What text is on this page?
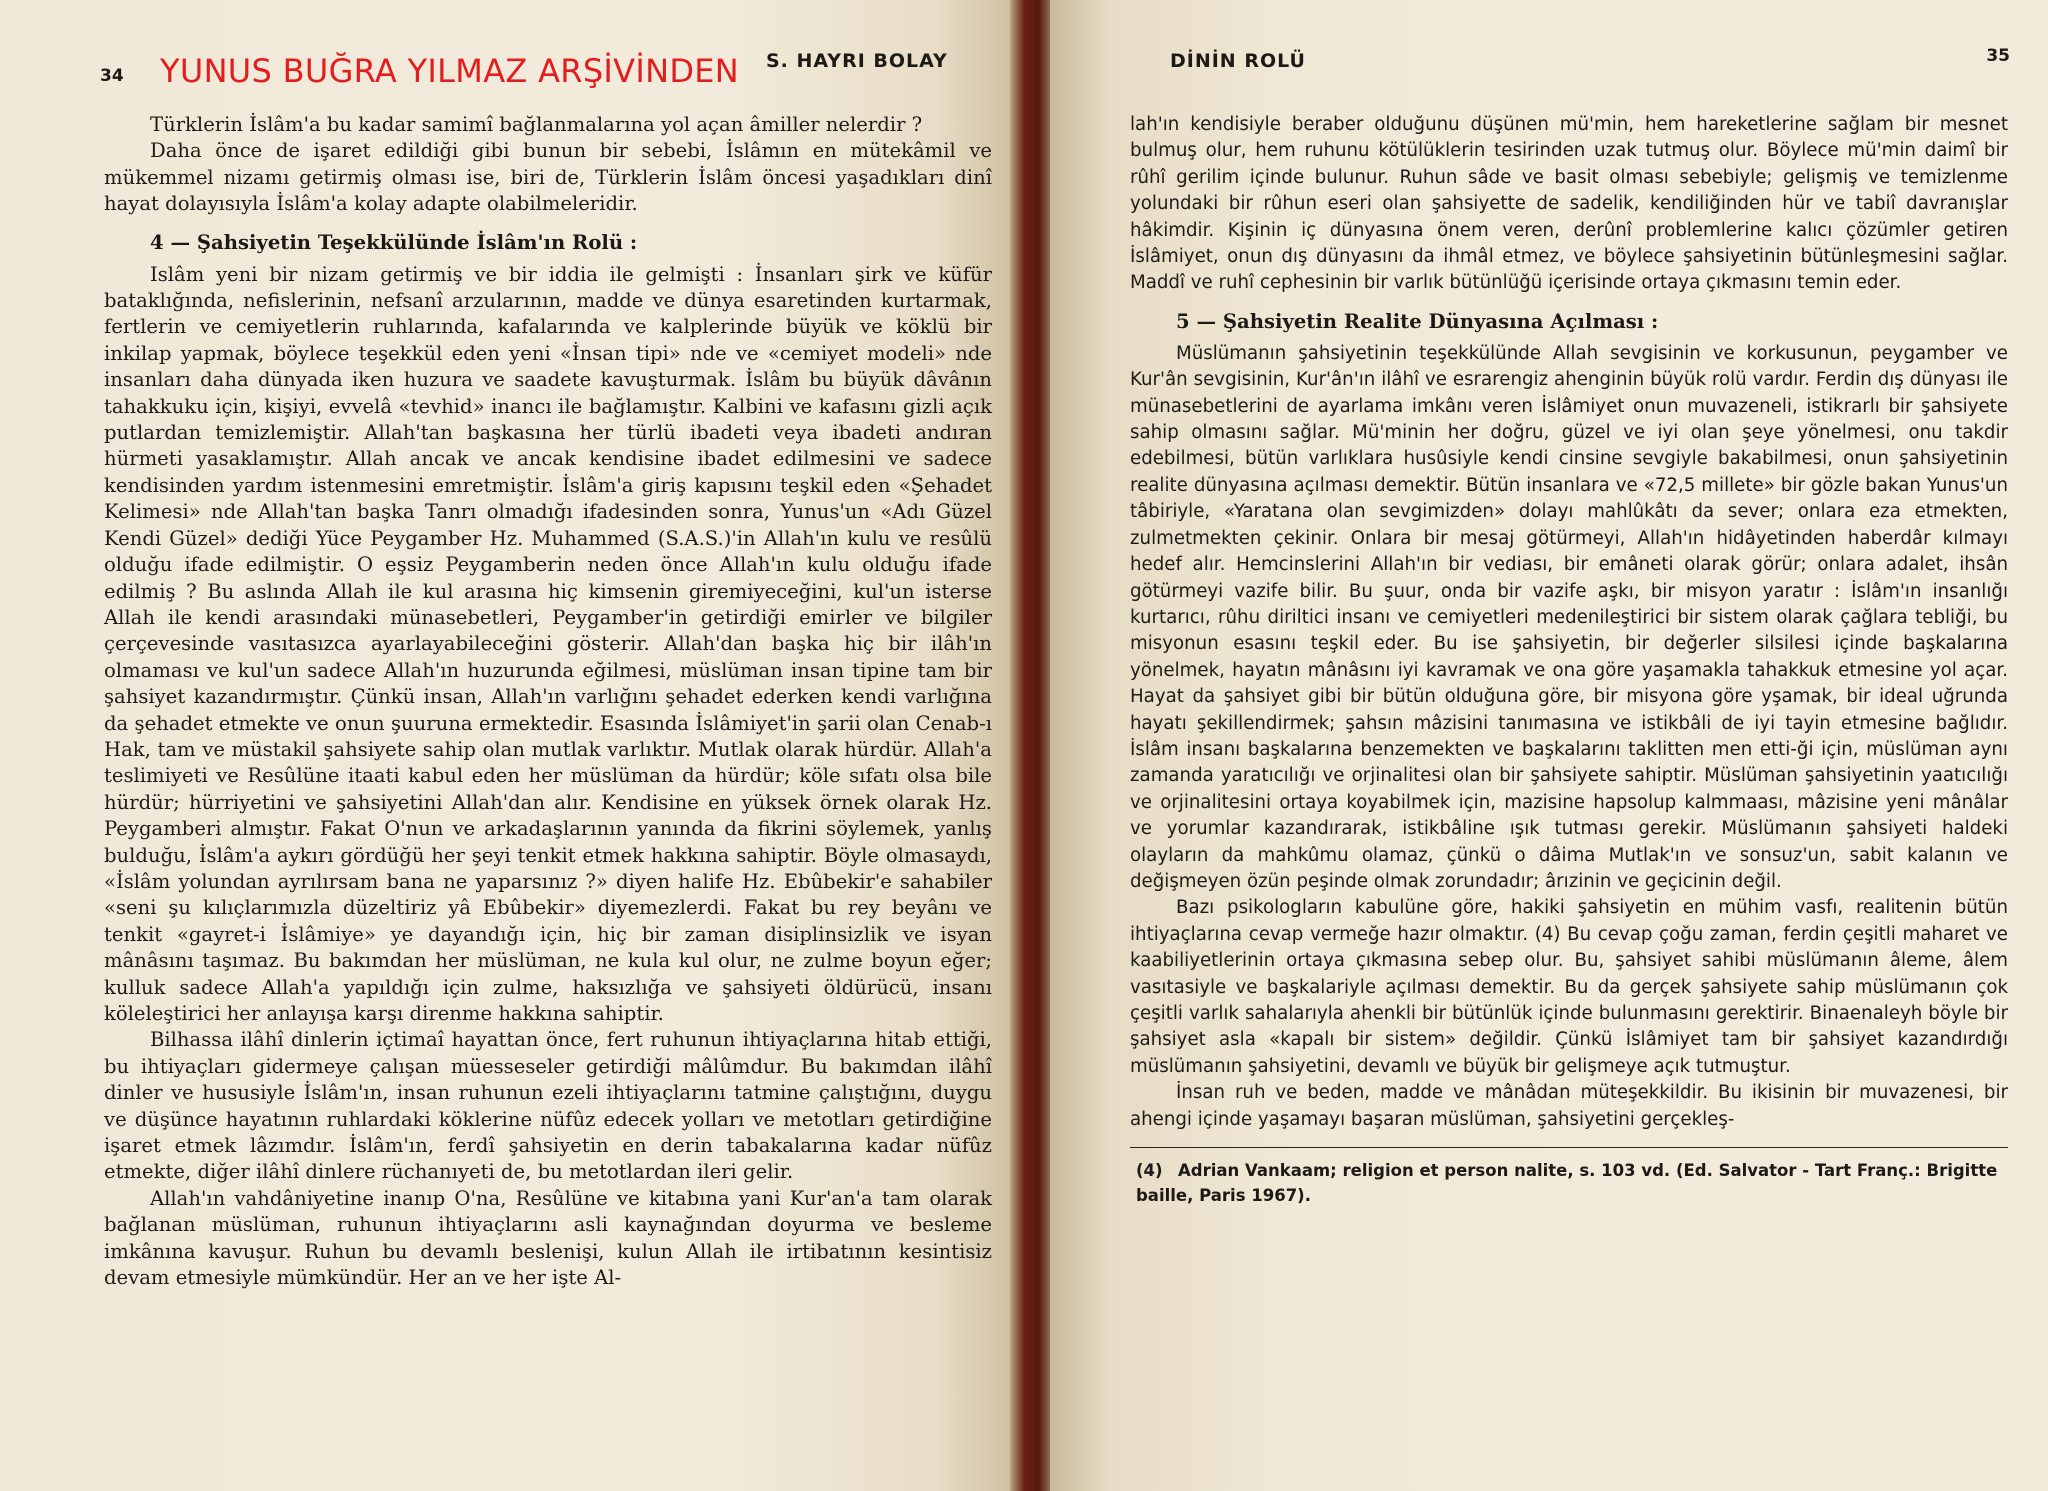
34 YUNUS BUĞRA YILMAZ ARŞİVİNDEN S. HAYRI BOLAY

Türklerin İslâm'a bu kadar samimî bağlanmalarına yol açan âmiller nelerdir ?

Daha önce de işaret edildiği gibi bunun bir sebebi, İslâmın en mütekâmil ve mükemmel nizamı getirmiş olması ise, biri de, Türklerin İslâm öncesi yaşadıkları dinî hayat dolayısıyla İslâm'a kolay adapte olabilmeleridir.

4 — Şahsiyetin Teşekkülünde İslâm'ın Rolü :

Islâm yeni bir nizam getirmiş ve bir iddia ile gelmişti : İnsanları şirk ve küfür bataklığında, nefislerinin, nefsanî arzularının, madde ve dünya esaretinden kurtarmak, fertlerin ve cemiyetlerin ruhlarında, kafalarında ve kalplerinde büyük ve köklü bir inkilap yapmak, böylece teşekkül eden yeni «İnsan tipi» nde ve «cemiyet modeli» nde insanları daha dünyada iken huzura ve saadete kavuşturmak. İslâm bu büyük dâvânın tahakkuku için, kişiyi, evvelâ «tevhid» inancı ile bağlamıştır. Kalbini ve kafasını gizli açık putlardan temizlemiştir. Allah'tan başkasına her türlü ibadeti veya ibadeti andıran hürmeti yasaklamıştır. Allah ancak ve ancak kendisine ibadet edilmesini ve sadece kendisinden yardım istenmesini emretmiştir. İslâm'a giriş kapısını teşkil eden «Şehadet Kelimesi» nde Allah'tan başka Tanrı olmadığı ifadesinden sonra, Yunus'un «Adı Güzel Kendi Güzel» dediği Yüce Peygamber Hz. Muhammed (S.A.S.)'in Allah'ın kulu ve resûlü olduğu ifade edilmiştir. O eşsiz Peygamberin neden önce Allah'ın kulu olduğu ifade edilmiş ? Bu aslında Allah ile kul arasına hiç kimsenin giremiyeceğini, kul'un isterse Allah ile kendi arasındaki münasebetleri, Peygamber'in getirdiği emirler ve bilgiler çerçevesinde vasıtasızca ayarlayabileceğini gösterir. Allah'dan başka hiç bir ilâh'ın olmaması ve kul'un sadece Allah'ın huzurunda eğilmesi, müslüman insan tipine tam bir şahsiyet kazandırmıştır. Çünkü insan, Allah'ın varlığını şehadet ederken kendi varlığına da şehadet etmekte ve onun şuuruna ermektedir. Esasında İslâmiyet'in şarii olan Cenab-ı Hak, tam ve müstakil şahsiyete sahip olan mutlak varlıktır. Mutlak olarak hürdür. Allah'a teslimiyeti ve Resûlüne itaati kabul eden her müslüman da hürdür; köle sıfatı olsa bile hürdür; hürriyetini ve şahsiyetini Allah'dan alır. Kendisine en yüksek örnek olarak Hz. Peygamberi almıştır. Fakat O'nun ve arkadaşlarının yanında da fikrini söylemek, yanlış bulduğu, İslâm'a aykırı gördüğü her şeyi tenkit etmek hakkına sahiptir. Böyle olmasaydı, «İslâm yolundan ayrılırsam bana ne yaparsınız ?» diyen halife Hz. Ebûbekir'e sahabiler «seni şu kılıçlarımızla düzeltiriz yâ Ebûbekir» diyemezlerdi. Fakat bu rey beyânı ve tenkit «gayret-i İslâmiye» ye dayandığı için, hiç bir zaman disiplinsizlik ve isyan mânâsını taşımaz. Bu bakımdan her müslüman, ne kula kul olur, ne zulme boyun eğer; kulluk sadece Allah'a yapıldığı için zulme, haksızlığa ve şahsiyeti öldürücü, insanı köleleştirici her anlayışa karşı direnme hakkına sahiptir.

Bilhassa ilâhî dinlerin içtimaî hayattan önce, fert ruhunun ihtiyaçlarına hitab ettiği, bu ihtiyaçları gidermeye çalışan müesseseler getirdiği mâlûmdur. Bu bakımdan ilâhî dinler ve hususiyle İslâm'ın, insan ruhunun ezeli ihtiyaçlarını tatmine çalıştığını, duygu ve düşünce hayatının ruhlardaki köklerine nüfûz edecek yolları ve metotları getirdiğine işaret etmek lâzımdır. İslâm'ın, ferdî şahsiyetin en derin tabakalarına kadar nüfûz etmekte, diğer ilâhî dinlere rüchanıyeti de, bu metotlardan ileri gelir.

Allah'ın vahdâniyetine inanıp O'na, Resûlüne ve kitabına yani Kur'an'a tam olarak bağlanan müslüman, ruhunun ihtiyaçlarını asli kaynağından doyurma ve besleme imkânına kavuşur. Ruhun bu devamlı beslenişi, kulun Allah ile irtibatının kesintisiz devam etmesiyle mümkündür. Her an ve her işte Al-

DİNİN ROLÜ	35

lah'ın kendisiyle beraber olduğunu düşünen mü'min, hem hareketlerine sağlam bir mesnet bulmuş olur, hem ruhunu kötülüklerin tesirinden uzak tutmuş olur. Böylece mü'min daimî bir rûhî gerilim içinde bulunur. Ruhun sâde ve basit olması sebebiyle; gelişmiş ve temizlenme yolundaki bir rûhun eseri olan şahsiyette de sadelik, kendiliğinden hür ve tabiî davranışlar hâkimdir. Kişinin iç dünyasına önem veren, derûnî problemlerine kalıcı çözümler getiren İslâmiyet, onun dış dünyasını da ihmâl etmez, ve böylece şahsiyetinin bütünleşmesini sağlar. Maddî ve ruhî cephesinin bir varlık bütünlüğü içerisinde ortaya çıkmasını temin eder.

5 — Şahsiyetin Realite Dünyasına Açılması :

Müslümanın şahsiyetinin teşekkülünde Allah sevgisinin ve korkusunun, peygamber ve Kur'ân sevgisinin, Kur'ân'ın ilâhî ve esrarengiz ahenginin büyük rolü vardır. Ferdin dış dünyası ile münasebetlerini de ayarlama imkânı veren İslâmiyet onun muvazeneli, istikrarlı bir şahsiyete sahip olmasını sağlar. Mü'minin her doğru, güzel ve iyi olan şeye yönelmesi, onu takdir edebilmesi, bütün varlıklara husûsiyle kendi cinsine sevgiyle bakabilmesi, onun şahsiyetinin realite dünyasına açılması demektir. Bütün insanlara ve «72,5 millete» bir gözle bakan Yunus'un tâbiriyle, «Yaratana olan sevgimizden» dolayı mahlûkâtı da sever; onlara eza etmekten, zulmetmekten çekinir. Onlara bir mesaj götürmeyi, Allah'ın hidâyetinden haberdâr kılmayı hedef alır. Hemcinslerini Allah'ın bir vediası, bir emâneti olarak görür; onlara adalet, ihsân götürmeyi vazife bilir. Bu şuur, onda bir vazife aşkı, bir misyon yaratır : İslâm'ın insanlığı kurtarıcı, rûhu diriltici insanı ve cemiyetleri medenileştirici bir sistem olarak çağlara tebliği, bu misyonun esasını teşkil eder. Bu ise şahsiyetin, bir değerler silsilesi içinde başkalarına yönelmek, hayatın mânâsını iyi kavramak ve ona göre yaşamakla tahakkuk etmesine yol açar. Hayat da şahsiyet gibi bir bütün olduğuna göre, bir misyona göre yşamak, bir ideal uğrunda hayatı şekillendirmek; şahsın mâzisini tanımasına ve istikbâli de iyi tayin etmesine bağlıdır. İslâm insanı başkalarına benzemekten ve başkalarını taklitten men etti-ği için, müslüman aynı zamanda yaratıcılığı ve orjinalitesi olan bir şahsiyete sahiptir. Müslüman şahsiyetinin yaatıcılığı ve orjinalitesini ortaya koyabilmek için, mazisine hapsolup kalmmaası, mâzisine yeni mânâlar ve yorumlar kazandırarak, istikbâline ışık tutması gerekir. Müslümanın şahsiyeti haldeki olayların da mahkûmu olamaz, çünkü o dâima Mutlak'ın ve sonsuz'un, sabit kalanın ve değişmeyen özün peşinde olmak zorundadır; ârızinin ve geçicinin değil.

Bazı psikologların kabulüne göre, hakiki şahsiyetin en mühim vasfı, realitenin bütün ihtiyaçlarına cevap vermeğe hazır olmaktır. (4) Bu cevap çoğu zaman, ferdin çeşitli maharet ve kaabiliyetlerinin ortaya çıkmasına sebep olur. Bu, şahsiyet sahibi müslümanın âleme, âlem vasıtasiyle ve başkalariyle açılması demektir. Bu da gerçek şahsiyete sahip müslümanın çok çeşitli varlık sahalarıyla ahenkli bir bütünlük içinde bulunmasını gerektirir. Binaenaleyh böyle bir şahsiyet asla «kapalı bir sistem» değildir. Çünkü İslâmiyet tam bir şahsiyet kazandırdığı müslümanın şahsiyetini, devamlı ve büyük bir gelişmeye açık tutmuştur.

İnsan ruh ve beden, madde ve mânâdan müteşekkildir. Bu ikisinin bir muvazenesi, bir ahengi içinde yaşamayı başaran müslüman, şahsiyetini gerçekleş-

(4) Adrian Vankaam; religion et person nalite, s. 103 vd. (Ed. Salvator - Tart Franç.: Brigitte baille, Paris 1967).
